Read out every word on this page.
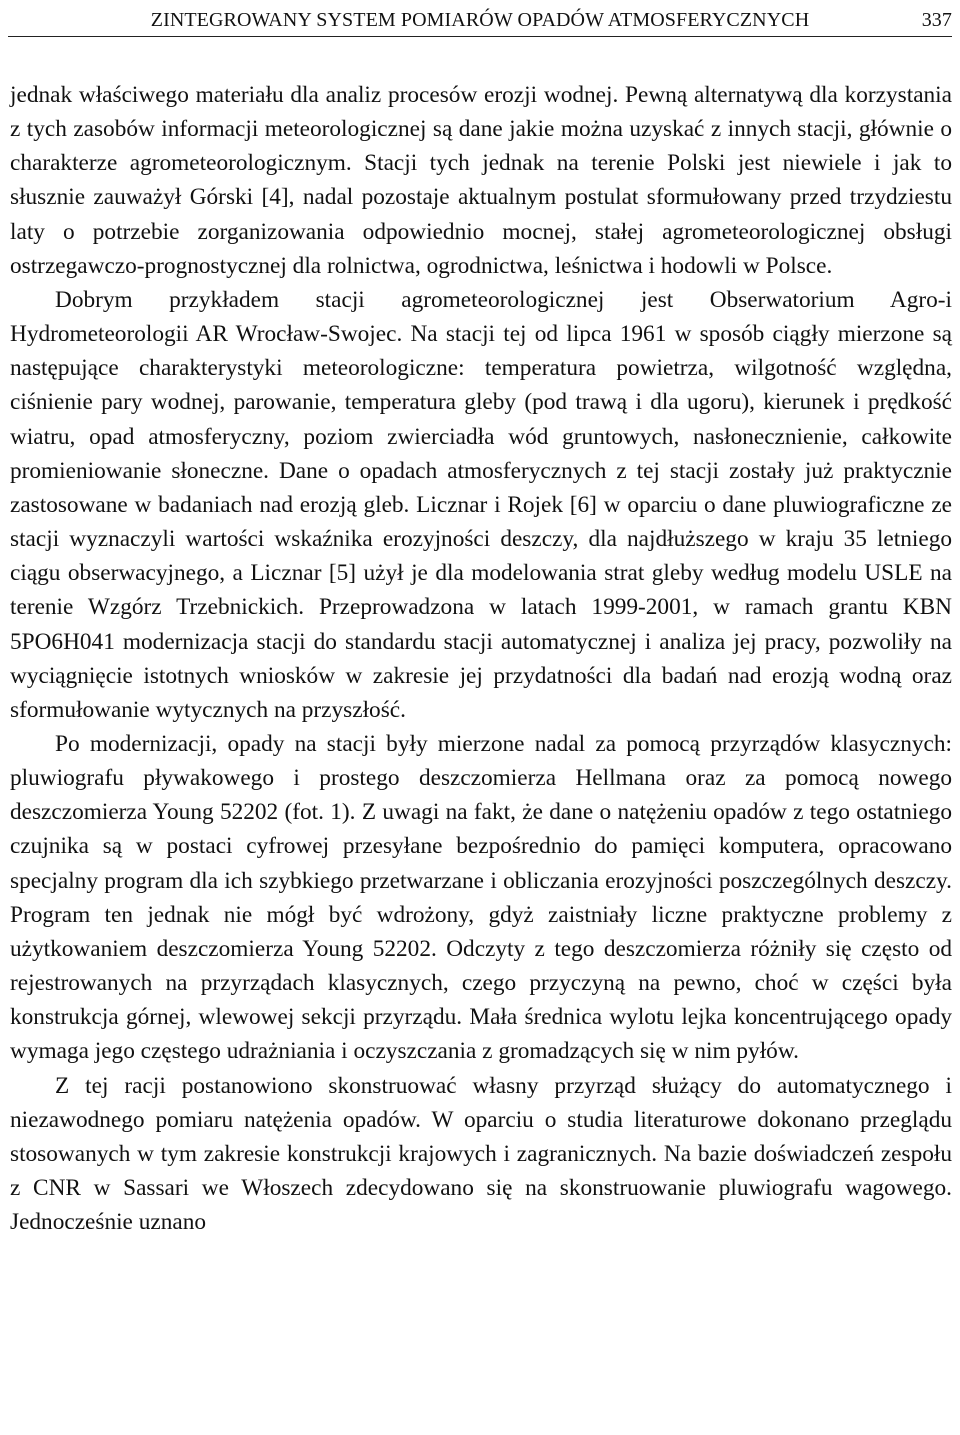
ZINTEGROWANY SYSTEM POMIARÓW OPADÓW ATMOSFERYCZNYCH	337

jednak właściwego materiału dla analiz procesów erozji wodnej. Pewną alternatywą dla korzystania z tych zasobów informacji meteorologicznej są dane jakie można uzyskać z innych stacji, głównie o charakterze agrometeorologicznym. Stacji tych jednak na terenie Polski jest niewiele i jak to słusznie zauważył Górski [4], nadal pozostaje aktualnym postulat sformułowany przed trzydziestu laty o potrzebie zorganizowania odpowiednio mocnej, stałej agrometeorologicznej obsługi ostrzegawczo-prognostycznej dla rolnictwa, ogrodnictwa, leśnictwa i hodowli w Polsce.

Dobrym przykładem stacji agrometeorologicznej jest Obserwatorium Agro-i Hydrometeorologii AR Wrocław-Swojec. Na stacji tej od lipca 1961 w sposób ciągły mierzone są następujące charakterystyki meteorologiczne: temperatura powietrza, wilgotność względna, ciśnienie pary wodnej, parowanie, temperatura gleby (pod trawą i dla ugoru), kierunek i prędkość wiatru, opad atmosferyczny, poziom zwierciadła wód gruntowych, nasłonecznienie, całkowite promieniowanie słoneczne. Dane o opadach atmosferycznych z tej stacji zostały już praktycznie zastosowane w badaniach nad erozją gleb. Licznar i Rojek [6] w oparciu o dane pluwiograficzne ze stacji wyznaczyli wartości wskaźnika erozyjności deszczy, dla najdłuższego w kraju 35 letniego ciągu obserwacyjnego, a Licznar [5] użył je dla modelowania strat gleby według modelu USLE na terenie Wzgórz Trzebnickich. Przeprowadzona w latach 1999-2001, w ramach grantu KBN 5PO6H041 modernizacja stacji do standardu stacji automatycznej i analiza jej pracy, pozwoliły na wyciągnięcie istotnych wniosków w zakresie jej przydatności dla badań nad erozją wodną oraz sformułowanie wytycznych na przyszłość.

Po modernizacji, opady na stacji były mierzone nadal za pomocą przyrządów klasycznych: pluwiografu pływakowego i prostego deszczomierza Hellmana oraz za pomocą nowego deszczomierza Young 52202 (fot. 1). Z uwagi na fakt, że dane o natężeniu opadów z tego ostatniego czujnika są w postaci cyfrowej przesyłane bezpośrednio do pamięci komputera, opracowano specjalny program dla ich szybkiego przetwarzane i obliczania erozyjności poszczególnych deszczy. Program ten jednak nie mógł być wdrożony, gdyż zaistniały liczne praktyczne problemy z użytkowaniem deszczomierza Young 52202. Odczyty z tego deszczomierza różniły się często od rejestrowanych na przyrządach klasycznych, czego przyczyną na pewno, choć w części była konstrukcja górnej, wlewowej sekcji przyrządu. Mała średnica wylotu lejka koncentrującego opady wymaga jego częstego udrażniania i oczyszczania z gromadzących się w nim pyłów.

Z tej racji postanowiono skonstruować własny przyrząd służący do automatycznego i niezawodnego pomiaru natężenia opadów. W oparciu o studia literaturowe dokonano przeglądu stosowanych w tym zakresie konstrukcji krajowych i zagranicznych. Na bazie doświadczeń zespołu z CNR w Sassari we Włoszech zdecydowano się na skonstruowanie pluwiografu wagowego. Jednocześnie uznano
